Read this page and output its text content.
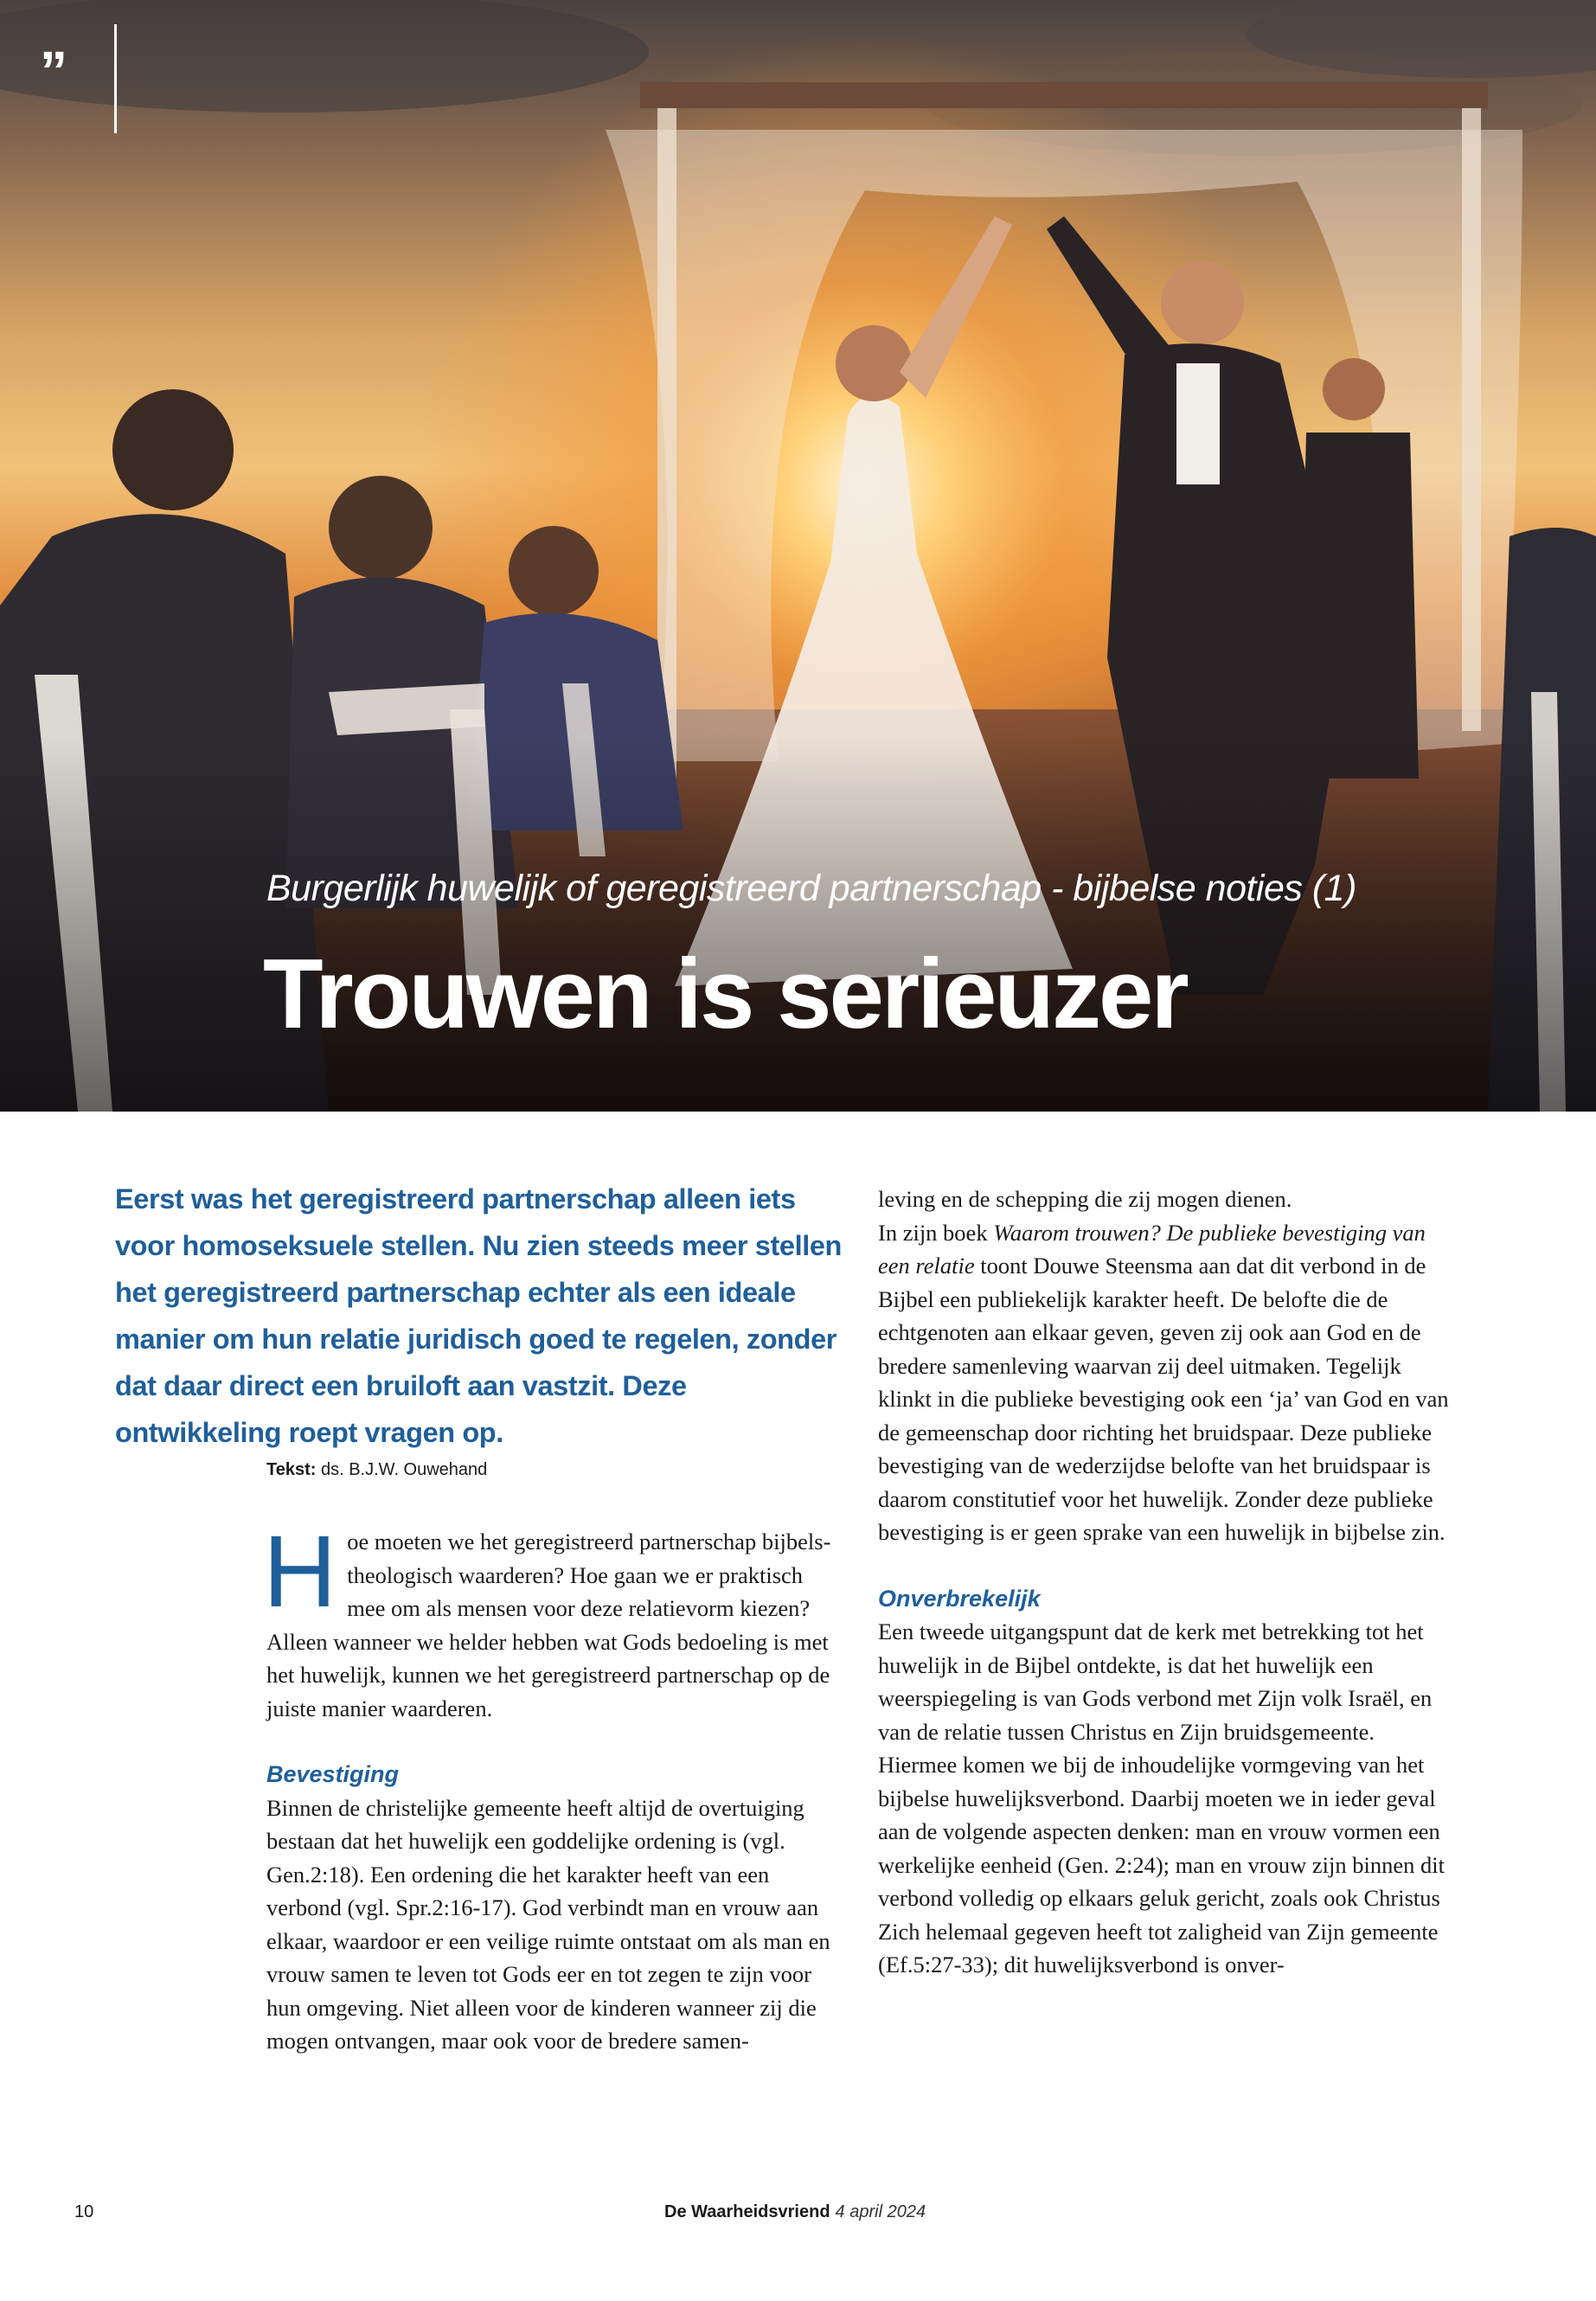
”
Burgerlijk huwelijk of geregistreerd partnerschap - bijbelse noties (1)
Trouwen is serieuzer

Eerst was het geregistreerd partnerschap alleen iets voor homoseksuele stellen. Nu zien steeds meer stellen het geregistreerd partnerschap echter als een ideale manier om hun relatie juridisch goed te regelen, zonder dat daar direct een bruiloft aan vastzit. Deze ontwikkeling roept vragen op.

Tekst: ds. B.J.W. Ouwehand

Hoe moeten we het geregistreerd partnerschap bijbels-theologisch waarderen? Hoe gaan we er praktisch mee om als mensen voor deze relatievorm kiezen? Alleen wanneer we helder hebben wat Gods bedoeling is met het huwelijk, kunnen we het geregistreerd partnerschap op de juiste manier waarderen.

Bevestiging

Binnen de christelijke gemeente heeft altijd de overtuiging bestaan dat het huwelijk een goddelijke ordening is (vgl. Gen.2:18). Een ordening die het karakter heeft van een verbond (vgl. Spr.2:16-17). God verbindt man en vrouw aan elkaar, waardoor er een veilige ruimte ontstaat om als man en vrouw samen te leven tot Gods eer en tot zegen te zijn voor hun omgeving. Niet alleen voor de kinderen wanneer zij die mogen ontvangen, maar ook voor de bredere samen-

leving en de schepping die zij mogen dienen.

In zijn boek Waarom trouwen? De publieke bevestiging van een relatie toont Douwe Steensma aan dat dit verbond in de Bijbel een publiekelijk karakter heeft. De belofte die de echtgenoten aan elkaar geven, geven zij ook aan God en de bredere samenleving waarvan zij deel uitmaken. Tegelijk klinkt in die publieke bevestiging ook een ‘ja’ van God en van de gemeenschap door richting het bruidspaar. Deze publieke bevestiging van de wederzijdse belofte van het bruidspaar is daarom constitutief voor het huwelijk. Zonder deze publieke bevestiging is er geen sprake van een huwelijk in bijbelse zin.

Onverbrekelijk

Een tweede uitgangspunt dat de kerk met betrekking tot het huwelijk in de Bijbel ontdekte, is dat het huwelijk een weerspiegeling is van Gods verbond met Zijn volk Israël, en van de relatie tussen Christus en Zijn bruidsgemeente.

Hiermee komen we bij de inhoudelijke vormgeving van het bijbelse huwelijksverbond. Daarbij moeten we in ieder geval aan de volgende aspecten denken: man en vrouw vormen een werkelijke eenheid (Gen. 2:24); man en vrouw zijn binnen dit verbond volledig op elkaars geluk gericht, zoals ook Christus Zich helemaal gegeven heeft tot zaligheid van Zijn gemeente (Ef.5:27-33); dit huwelijksverbond is onver-

10	De Waarheidsvriend 4 april 2024
